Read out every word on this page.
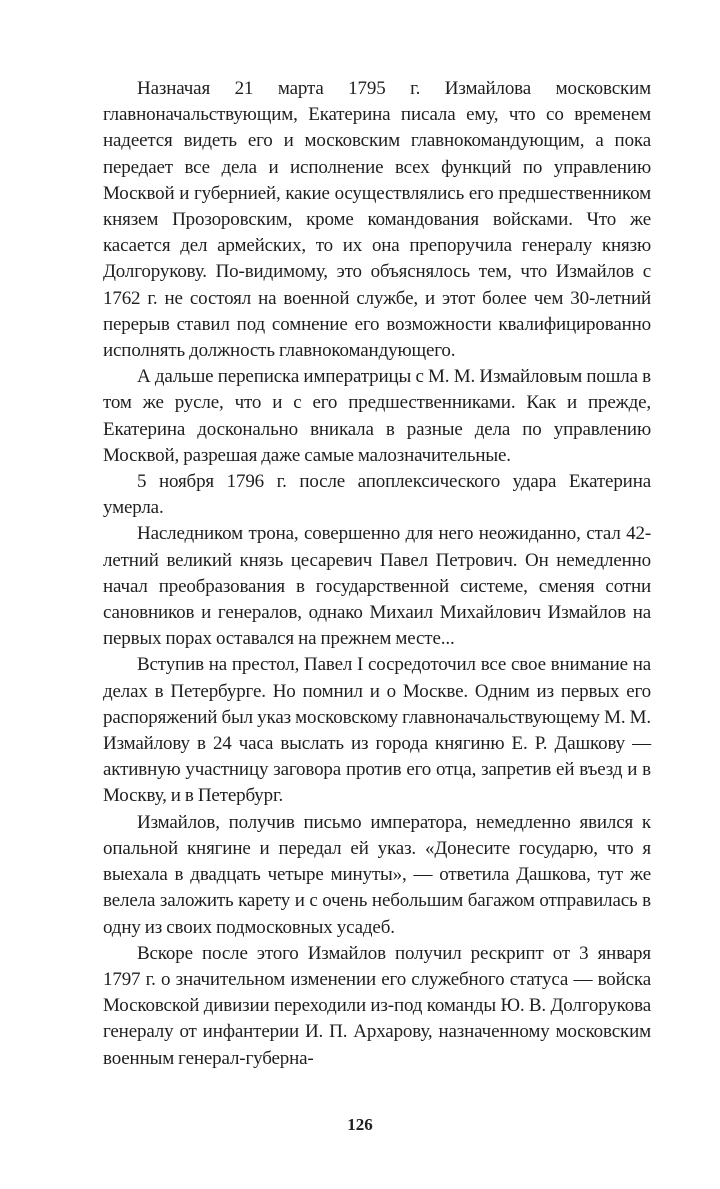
Назначая 21 марта 1795 г. Измайлова московским главноначальствующим, Екатерина писала ему, что со временем надеется видеть его и московским главнокомандующим, а пока передает все дела и исполнение всех функций по управлению Москвой и губернией, какие осуществлялись его предшественником князем Прозоровским, кроме командования войсками. Что же касается дел армейских, то их она препоручила генералу князю Долгорукову. По-видимому, это объяснялось тем, что Измайлов с 1762 г. не состоял на военной службе, и этот более чем 30-летний перерыв ставил под сомнение его возможности квалифицированно исполнять должность главнокомандующего.

А дальше переписка императрицы с М. М. Измайловым пошла в том же русле, что и с его предшественниками. Как и прежде, Екатерина досконально вникала в разные дела по управлению Москвой, разрешая даже самые малозначительные.

5 ноября 1796 г. после апоплексического удара Екатерина умерла.

Наследником трона, совершенно для него неожиданно, стал 42-летний великий князь цесаревич Павел Петрович. Он немедленно начал преобразования в государственной системе, сменяя сотни сановников и генералов, однако Михаил Михайлович Измайлов на первых порах оставался на прежнем месте...

Вступив на престол, Павел I сосредоточил все свое внимание на делах в Петербурге. Но помнил и о Москве. Одним из первых его распоряжений был указ московскому главноначальствующему М. М. Измайлову в 24 часа выслать из города княгиню Е. Р. Дашкову — активную участницу заговора против его отца, запретив ей въезд и в Москву, и в Петербург.

Измайлов, получив письмо императора, немедленно явился к опальной княгине и передал ей указ. «Донесите государю, что я выехала в двадцать четыре минуты», — ответила Дашкова, тут же велела заложить карету и с очень небольшим багажом отправилась в одну из своих подмосковных усадеб.

Вскоре после этого Измайлов получил рескрипт от 3 января 1797 г. о значительном изменении его служебного статуса — войска Московской дивизии переходили из-под команды Ю. В. Долгорукова генералу от инфантерии И. П. Архарову, назначенному московским военным генерал-губерна-

126
